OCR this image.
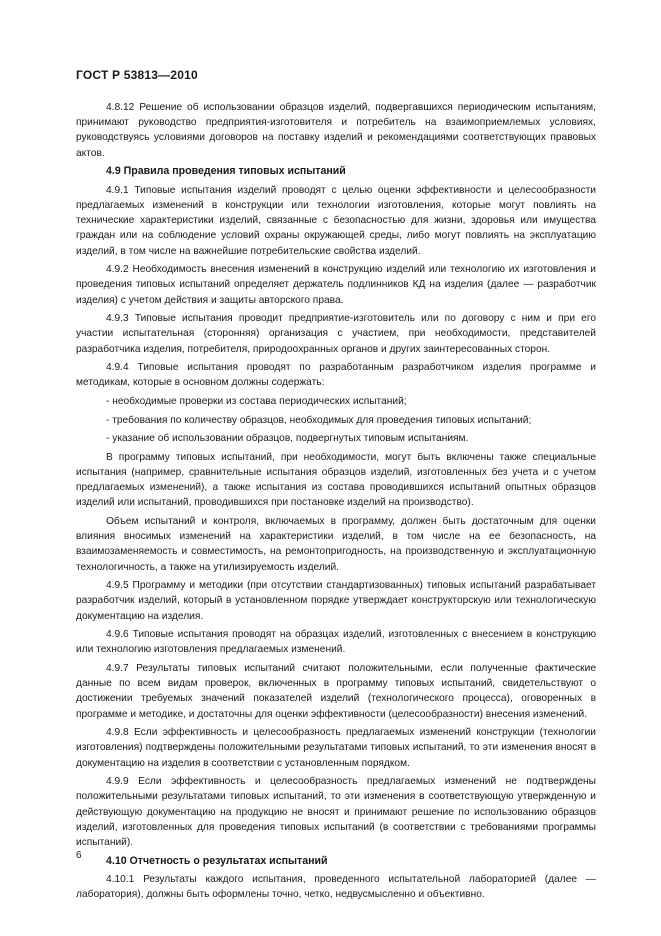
ГОСТ Р 53813—2010

4.8.12 Решение об использовании образцов изделий, подвергавшихся периодическим испытаниям, принимают руководство предприятия-изготовителя и потребитель на взаимоприемлемых условиях, руководствуясь условиями договоров на поставку изделий и рекомендациями соответствующих правовых актов.

4.9 Правила проведения типовых испытаний

4.9.1 Типовые испытания изделий проводят с целью оценки эффективности и целесообразности предлагаемых изменений в конструкции или технологии изготовления, которые могут повлиять на технические характеристики изделий, связанные с безопасностью для жизни, здоровья или имущества граждан или на соблюдение условий охраны окружающей среды, либо могут повлиять на эксплуатацию изделий, в том числе на важнейшие потребительские свойства изделий.

4.9.2 Необходимость внесения изменений в конструкцию изделий или технологию их изготовления и проведения типовых испытаний определяет держатель подлинников КД на изделия (далее — разработчик изделия) с учетом действия и защиты авторского права.

4.9.3 Типовые испытания проводит предприятие-изготовитель или по договору с ним и при его участии испытательная (сторонняя) организация с участием, при необходимости, представителей разработчика изделия, потребителя, природоохранных органов и других заинтересованных сторон.

4.9.4 Типовые испытания проводят по разработанным разработчиком изделия программе и методикам, которые в основном должны содержать:

- необходимые проверки из состава периодических испытаний;

- требования по количеству образцов, необходимых для проведения типовых испытаний;

- указание об использовании образцов, подвергнутых типовым испытаниям.

В программу типовых испытаний, при необходимости, могут быть включены также специальные испытания (например, сравнительные испытания образцов изделий, изготовленных без учета и с учетом предлагаемых изменений), а также испытания из состава проводившихся испытаний опытных образцов изделий или испытаний, проводившихся при постановке изделий на производство).

Объем испытаний и контроля, включаемых в программу, должен быть достаточным для оценки влияния вносимых изменений на характеристики изделий, в том числе на ее безопасность, на взаимозаменяемость и совместимость, на ремонтопригодность, на производственную и эксплуатационную технологичность, а также на утилизируемость изделий.

4.9.5 Программу и методики (при отсутствии стандартизованных) типовых испытаний разрабатывает разработчик изделий, который в установленном порядке утверждает конструкторскую или технологическую документацию на изделия.

4.9.6 Типовые испытания проводят на образцах изделий, изготовленных с внесением в конструкцию или технологию изготовления предлагаемых изменений.

4.9.7 Результаты типовых испытаний считают положительными, если полученные фактические данные по всем видам проверок, включенных в программу типовых испытаний, свидетельствуют о достижении требуемых значений показателей изделий (технологического процесса), оговоренных в программе и методике, и достаточны для оценки эффективности (целесообразности) внесения изменений.

4.9.8 Если эффективность и целесообразность предлагаемых изменений конструкции (технологии изготовления) подтверждены положительными результатами типовых испытаний, то эти изменения вносят в документацию на изделия в соответствии с установленным порядком.

4.9.9 Если эффективность и целесообразность предлагаемых изменений не подтверждены положительными результатами типовых испытаний, то эти изменения в соответствующую утвержденную и действующую документацию на продукцию не вносят и принимают решение по использованию образцов изделий, изготовленных для проведения типовых испытаний (в соответствии с требованиями программы испытаний).

4.10 Отчетность о результатах испытаний

4.10.1 Результаты каждого испытания, проведенного испытательной лабораторией (далее — лаборатория), должны быть оформлены точно, четко, недвусмысленно и объективно.

6
